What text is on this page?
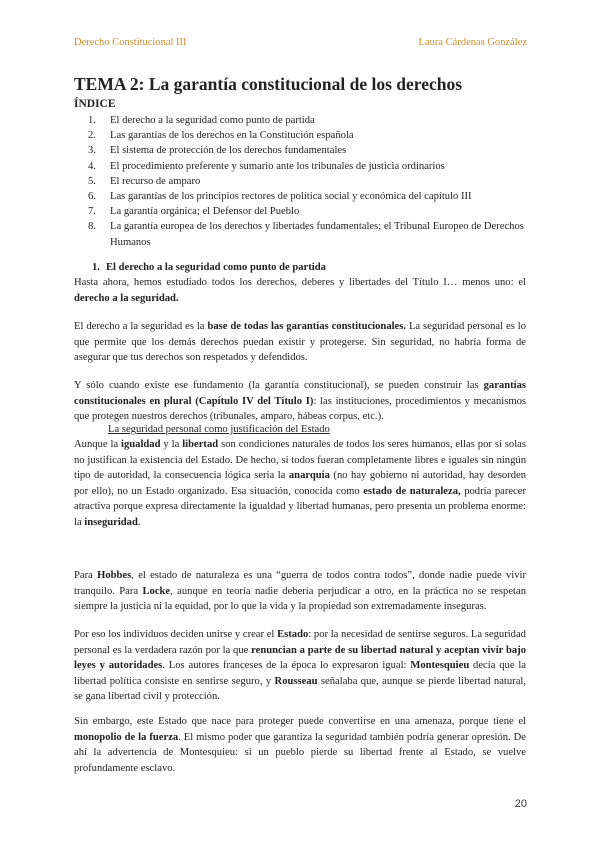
Derecho Constitucional III	Laura Cárdenas González
TEMA 2: La garantía constitucional de los derechos
ÍNDICE
1.	El derecho a la seguridad como punto de partida
2.	Las garantías de los derechos en la Constitución española
3.	El sistema de protección de los derechos fundamentales
4.	El procedimiento preferente y sumario ante los tribunales de justicia ordinarios
5.	El recurso de amparo
6.	Las garantías de los principios rectores de política social y económica del capítulo III
7.	La garantía orgánica; el Defensor del Pueblo
8.	La garantía europea de los derechos y libertades fundamentales; el Tribunal Europeo de Derechos Humanos
1. El derecho a la seguridad como punto de partida

Hasta ahora, hemos estudiado todos los derechos, deberes y libertades del Título I… menos uno: el derecho a la seguridad.

El derecho a la seguridad es la base de todas las garantías constitucionales. La seguridad personal es lo que permite que los demás derechos puedan existir y protegerse. Sin seguridad, no habría forma de asegurar que tus derechos son respetados y defendidos.

Y sólo cuando existe ese fundamento (la garantía constitucional), se pueden construir las garantías constitucionales en plural (Capítulo IV del Título I): las instituciones, procedimientos y mecanismos que protegen nuestros derechos (tribunales, amparo, hábeas corpus, etc.).

La seguridad personal como justificación del Estado

Aunque la igualdad y la libertad son condiciones naturales de todos los seres humanos, ellas por sí solas no justifican la existencia del Estado. De hecho, si todos fueran completamente libres e iguales sin ningún tipo de autoridad, la consecuencia lógica sería la anarquía (no hay gobierno ni autoridad, hay desorden por ello), no un Estado organizado. Esa situación, conocida como estado de naturaleza, podría parecer atractiva porque expresa directamente la igualdad y libertad humanas, pero presenta un problema enorme: la inseguridad.

Para Hobbes, el estado de naturaleza es una “guerra de todos contra todos”, donde nadie puede vivir tranquilo. Para Locke, aunque en teoría nadie debería perjudicar a otro, en la práctica no se respetan siempre la justicia ni la equidad, por lo que la vida y la propiedad son extremadamente inseguras.

Por eso los individuos deciden unirse y crear el Estado: por la necesidad de sentirse seguros. La seguridad personal es la verdadera razón por la que renuncian a parte de su libertad natural y aceptan vivir bajo leyes y autoridades. Los autores franceses de la época lo expresaron igual: Montesquieu decía que la libertad política consiste en sentirse seguro, y Rousseau señalaba que, aunque se pierde libertad natural, se gana libertad civil y protección.

Sin embargo, este Estado que nace para proteger puede convertirse en una amenaza, porque tiene el monopolio de la fuerza. El mismo poder que garantiza la seguridad también podría generar opresión. De ahí la advertencia de Montesquieu: si un pueblo pierde su libertad frente al Estado, se vuelve profundamente esclavo.

20
